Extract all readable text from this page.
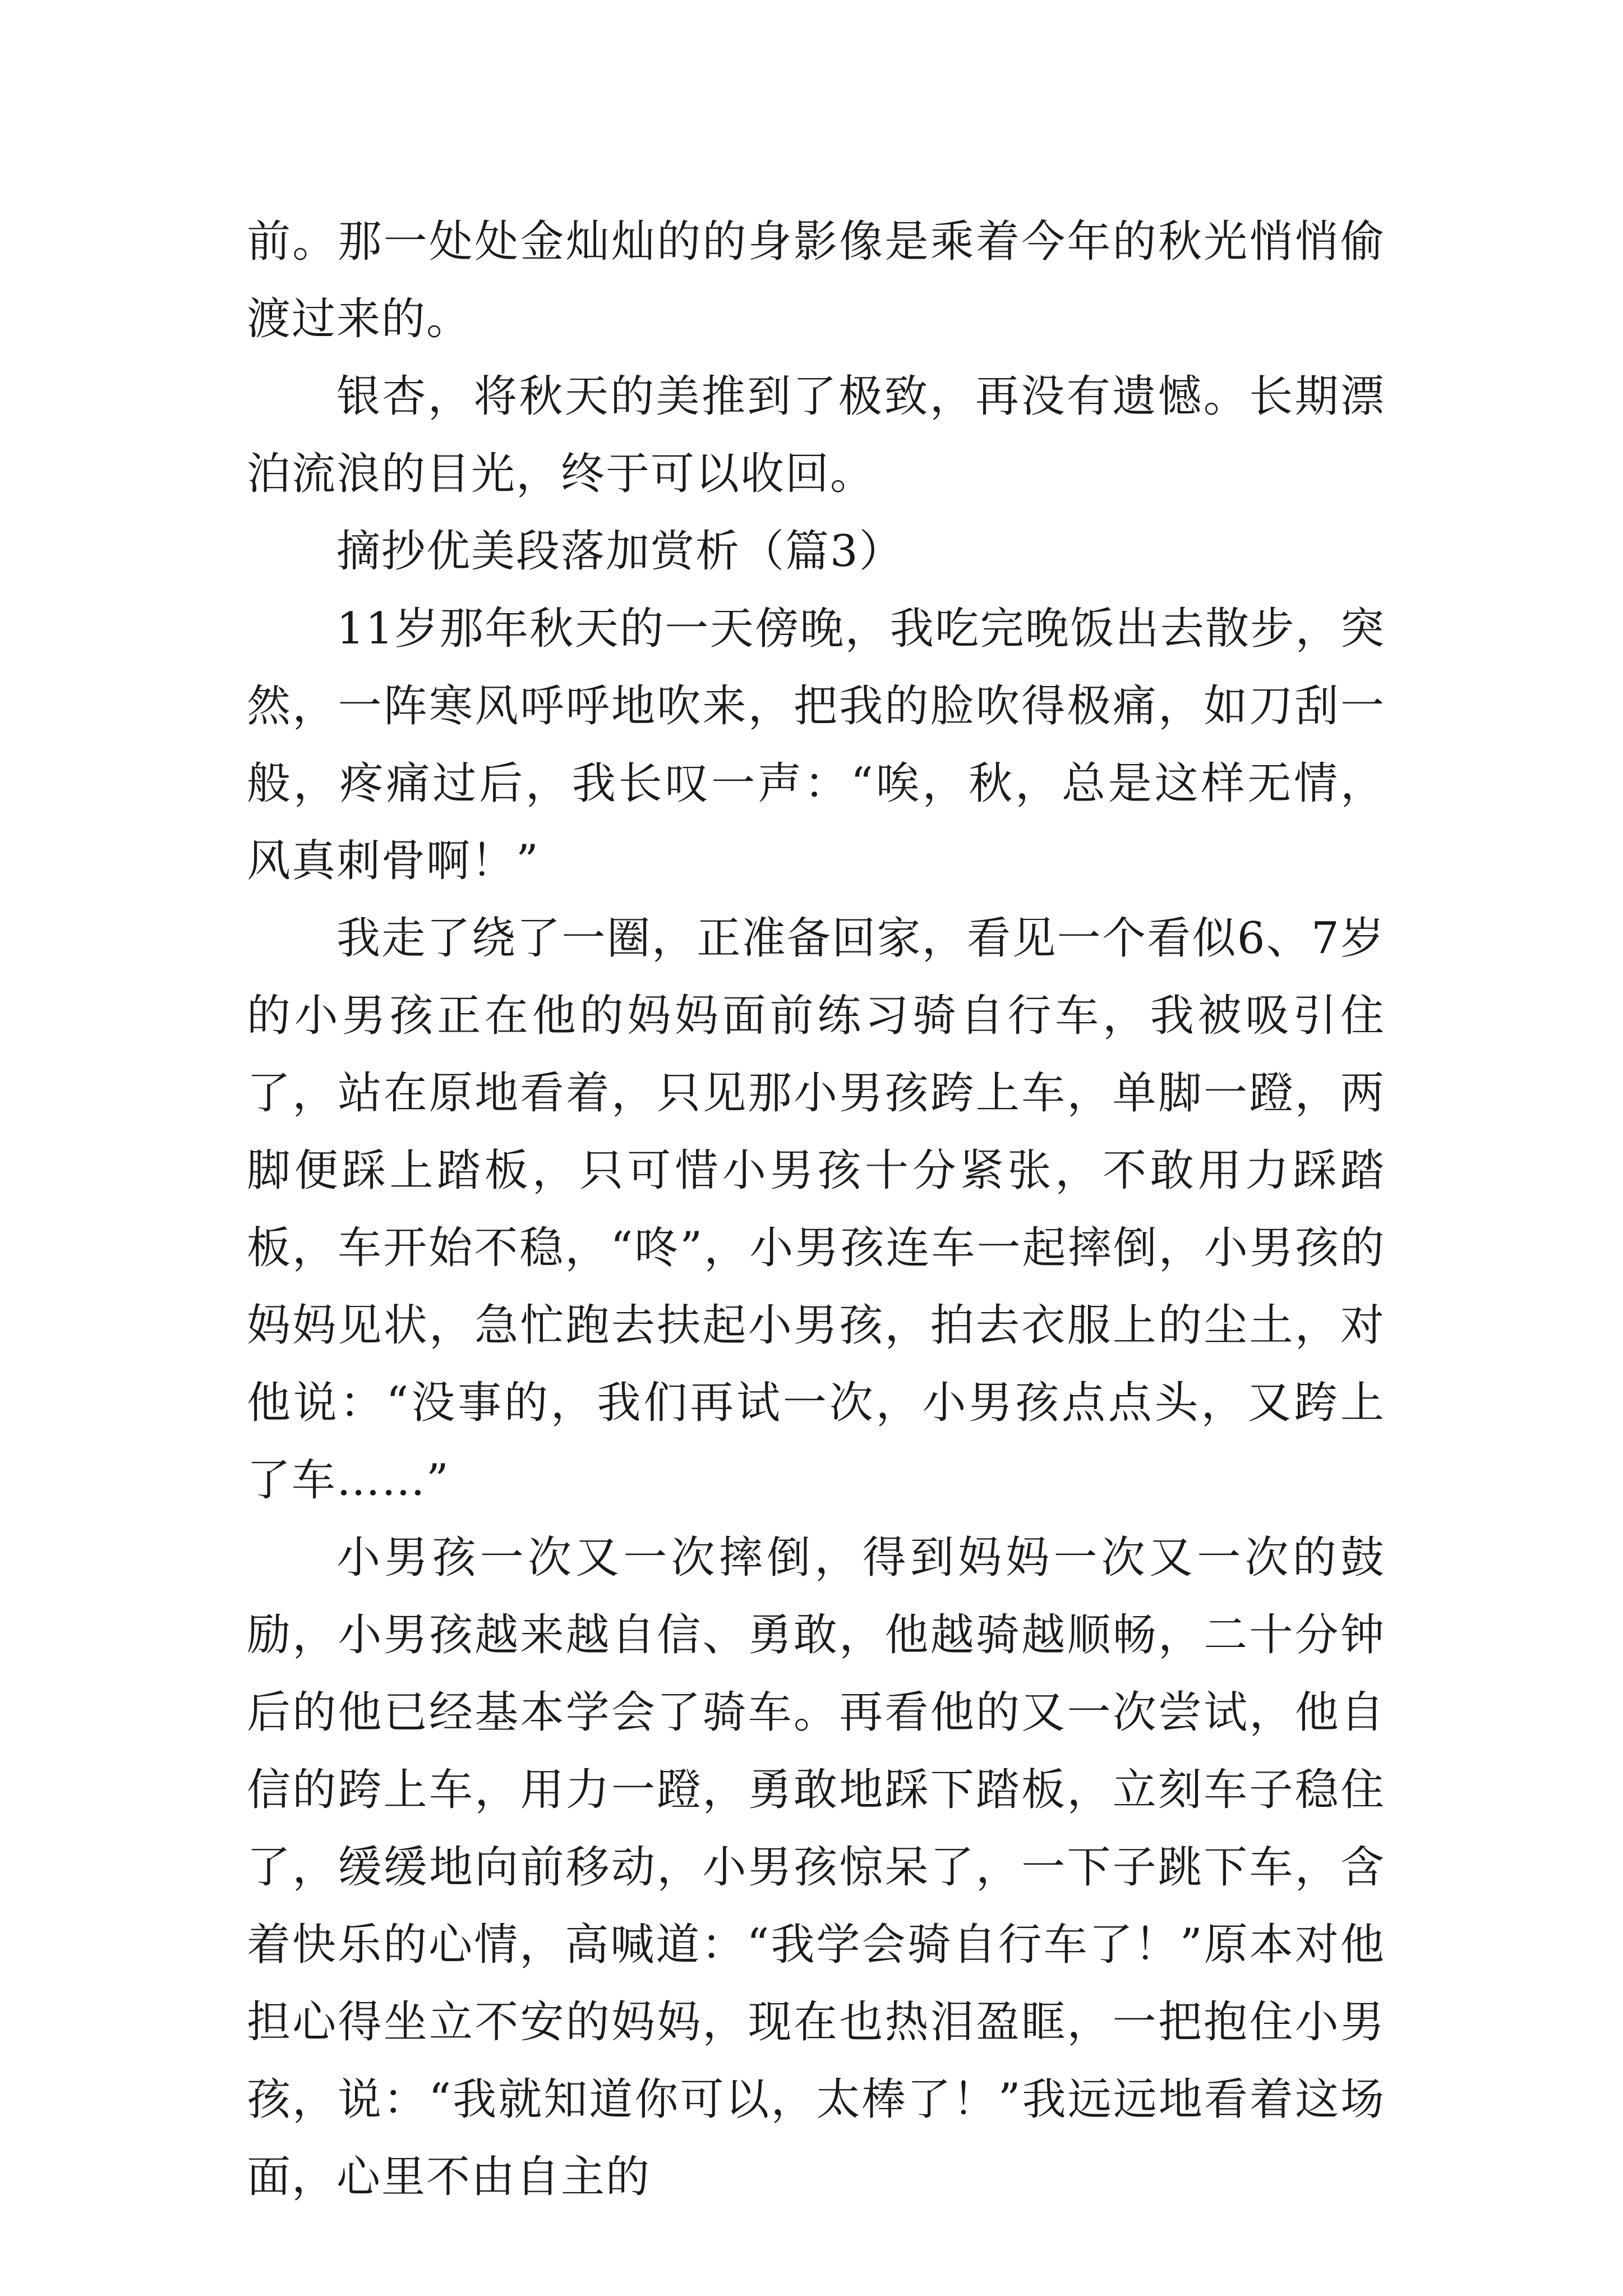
前。那一处处金灿灿的的身影像是乘着今年的秋光悄悄偷渡过来的。

银杏，将秋天的美推到了极致，再没有遗憾。长期漂泊流浪的目光，终于可以收回。

摘抄优美段落加赏析（篇3）

11岁那年秋天的一天傍晚，我吃完晚饭出去散步，突然，一阵寒风呼呼地吹来，把我的脸吹得极痛，如刀刮一般，疼痛过后，我长叹一声：“唉，秋，总是这样无情，风真刺骨啊！”

我走了绕了一圈，正准备回家，看见一个看似6、7岁的小男孩正在他的妈妈面前练习骑自行车，我被吸引住了，站在原地看着，只见那小男孩跨上车，单脚一蹬，两脚便踩上踏板，只可惜小男孩十分紧张，不敢用力踩踏板，车开始不稳，“咚”，小男孩连车一起摔倒，小男孩的妈妈见状，急忙跑去扶起小男孩，拍去衣服上的尘土，对他说：“没事的，我们再试一次，小男孩点点头，又跨上了车……”

小男孩一次又一次摔倒，得到妈妈一次又一次的鼓励，小男孩越来越自信、勇敢，他越骑越顺畅，二十分钟后的他已经基本学会了骑车。再看他的又一次尝试，他自信的跨上车，用力一蹬，勇敢地踩下踏板，立刻车子稳住了，缓缓地向前移动，小男孩惊呆了，一下子跳下车，含着快乐的心情，高喊道：“我学会骑自行车了！”原本对他担心得坐立不安的妈妈，现在也热泪盈眶，一把抱住小男孩，说：“我就知道你可以，太棒了！”我远远地看着这场面，心里不由自主的
